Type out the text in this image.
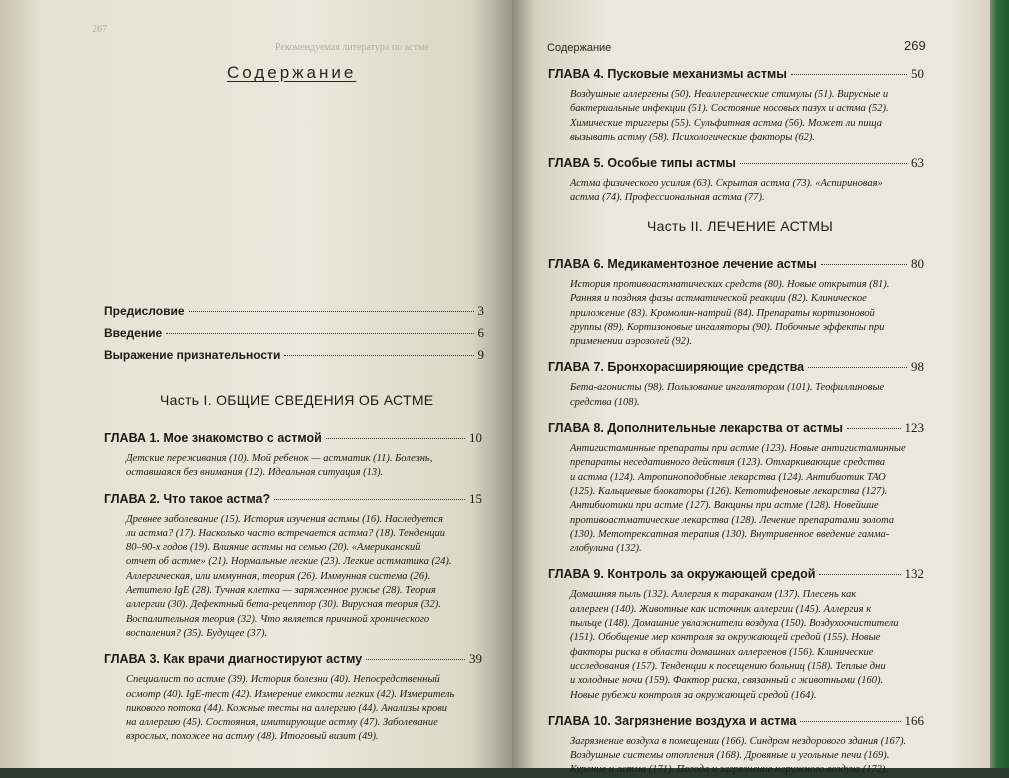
267
Рекомендуемая литература по астме
Содержание
Предисловие	3
Введение	6
Выражение признательности	9
Часть I. ОБЩИЕ СВЕДЕНИЯ ОБ АСТМЕ
ГЛАВА 1. Мое знакомство с астмой	10
Детские переживания (10). Мой ребенок — астматик (11). Болезнь,
оставшаяся без внимания (12). Идеальная ситуация (13).
ГЛАВА 2. Что такое астма?	15
Древнее заболевание (15). История изучения астмы (16). Наследуется
ли астма? (17). Насколько часто встречается астма? (18). Тенденции
80–90-х годов (19). Влияние астмы на семью (20). «Американский
отчет об астме» (21). Нормальные легкие (23). Легкие астматика (24).
Аллергическая, или иммунная, теория (26). Иммунная система (26).
Аетитело IgE (28). Тучная клетка — заряженное ружье (28). Теория
аллергии (30). Дефектный бета-рецептор (30). Вирусная теория (32).
Воспалительная теория (32). Что является причиной хронического
воспаления? (35). Будущее (37).
ГЛАВА 3. Как врачи диагностируют астму	39
Специалист по астме (39). История болезни (40). Непосредственный
осмотр (40). IgE-тест (42). Измерение емкости легких (42). Измеритель
пикового потока (44). Кожные тесты на аллергию (44). Анализы крови
на аллергию (45). Состояния, имитирующие астму (47). Заболевание
взрослых, похожее на астму (48). Итоговый визит (49).
Содержание	269
ГЛАВА 4. Пусковые механизмы астмы	50
Воздушные аллергены (50). Неаллергические стимулы (51). Вирусные и
бактериальные инфекции (51). Состояние носовых пазух и астма (52).
Химические триггеры (55). Сульфитная астма (56). Может ли пища
вызывать астму (58). Психологические факторы (62).
ГЛАВА 5. Особые типы астмы	63
Астма физического усилия (63). Скрытая астма (73). «Аспириновая»
астма (74). Профессиональная астма (77).
Часть II. ЛЕЧЕНИЕ АСТМЫ
ГЛАВА 6. Медикаментозное лечение астмы	80
История противоастматических средств (80). Новые открытия (81).
Ранняя и поздняя фазы астматической реакции (82). Клиническое
приложение (83). Кромолин-натрий (84). Препараты кортизоновой
группы (89). Кортизоновые ингаляторы (90). Побочные эффекты при
применении аэрозолей (92).
ГЛАВА 7. Бронхорасширяющие средства	98
Бета-агонисты (98). Пользование ингалятором (101). Теофиллиновые
средства (108).
ГЛАВА 8. Дополнительные лекарства от астмы	123
Антигистаминные препараты при астме (123). Новые антигистаминные
препараты неседативного действия (123). Отхаркивающие средства
и астма (124). Атропиноподобные лекарства (124). Антибиотик ТАО
(125). Кальциевые блокаторы (126). Кетотифеновые лекарства (127).
Антибиотики при астме (127). Вакцины при астме (128). Новейшие
противоастматические лекарства (128). Лечение препаратами золота
(130). Метотрексатная терапия (130). Внутривенное введение гамма-
глобулина (132).
ГЛАВА 9. Контроль за окружающей средой	132
Домашняя пыль (132). Аллергия к тараканам (137). Плесень как
аллерген (140). Животные как источник аллергии (145). Аллергия к
пыльце (148). Домашние увлажнители воздуха (150). Воздухоочистители
(151). Обобщение мер контроля за окружающей средой (155). Новые
факторы риска в области домашних аллергенов (156). Клинические
исследования (157). Тенденции к посещению больниц (158). Теплые дни
и холодные ночи (159). Фактор риска, связанный с животными (160).
Новые рубежи контроля за окружающей средой (164).
ГЛАВА 10. Загрязнение воздуха и астма	166
Загрязнение воздуха в помещении (166). Синдром нездорового здания (167).
Воздушные системы отопления (168). Дровяные и угольные печи (169).
Курение и астма (171). Погода и загрязнение наружного воздуха (172).
